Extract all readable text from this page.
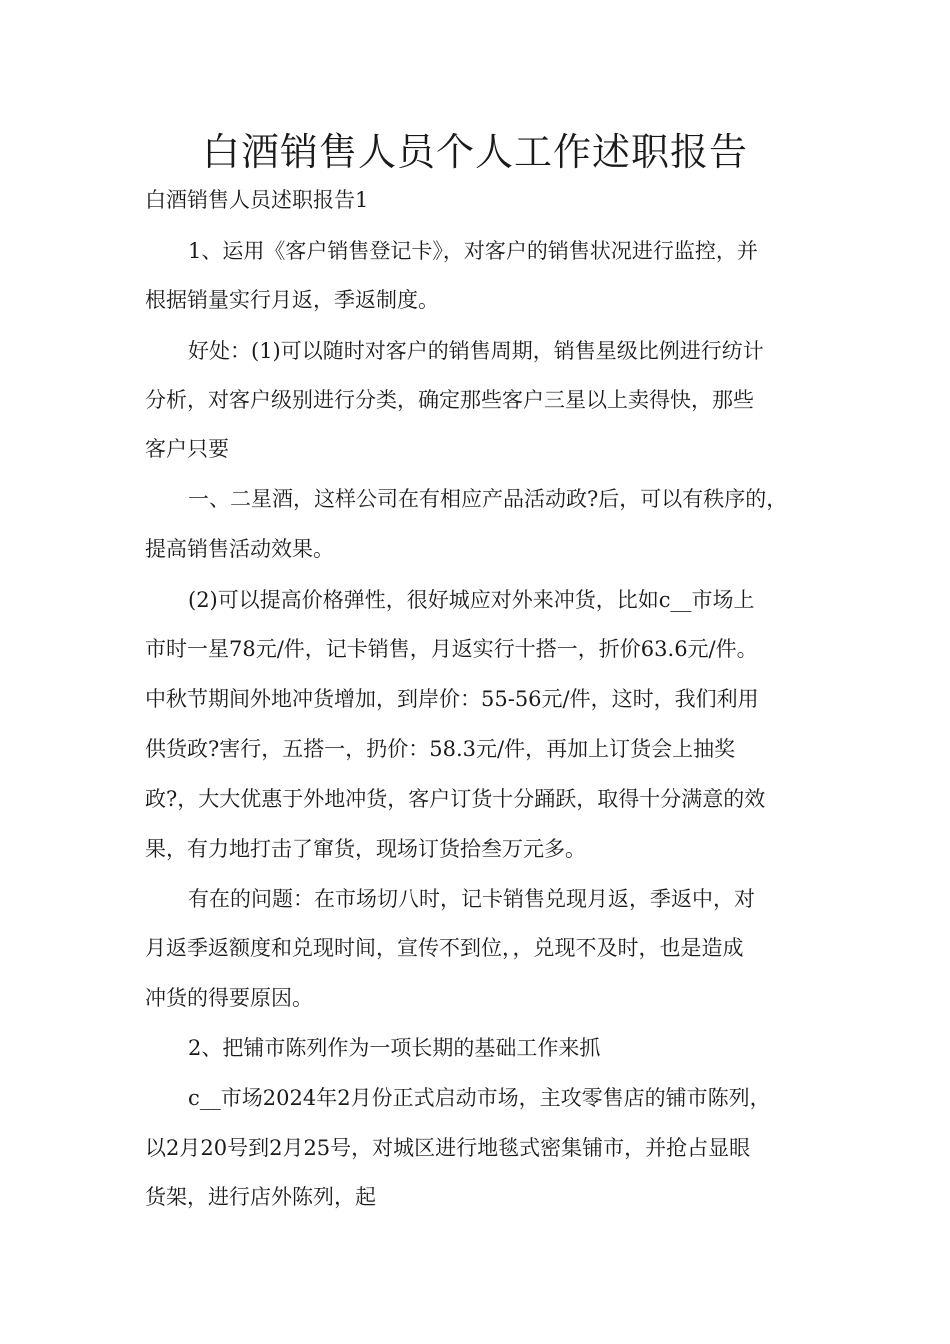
白酒销售人员个人工作述职报告

白酒销售人员述职报告1

1、运用《客户销售登记卡》，对客户的销售状况进行监控，并

根据销量实行月返，季返制度。

好处：(1)可以随时对客户的销售周期，销售星级比例进行纺计

分析，对客户级别进行分类，确定那些客户三星以上卖得快，那些

客户只要

一、二星酒，这样公司在有相应产品活动政?后，可以有秩序的，

提高销售活动效果。

(2)可以提高价格弹性，很好城应对外来冲货，比如c__市场上

市时一星78元/件，记卡销售，月返实行十搭一，折价63.6元/件。

中秋节期间外地冲货增加，到岸价：55-56元/件，这时，我们利用

供货政?害行，五搭一，扔价：58.3元/件，再加上订货会上抽奖

政?，大大优惠于外地冲货，客户订货十分踊跃，取得十分满意的效

果，有力地打击了窜货，现场订货拾叁万元多。

有在的问题：在市场切八时，记卡销售兑现月返，季返中，对

月返季返额度和兑现时间，宣传不到位，，兑现不及时，也是造成

冲货的得要原因。

2、把铺市陈列作为一项长期的基础工作来抓

c__市场2024年2月份正式启动市场，主攻零售店的铺市陈列，

以2月20号到2月25号，对城区进行地毯式密集铺市，并抢占显眼

货架，进行店外陈列，起
